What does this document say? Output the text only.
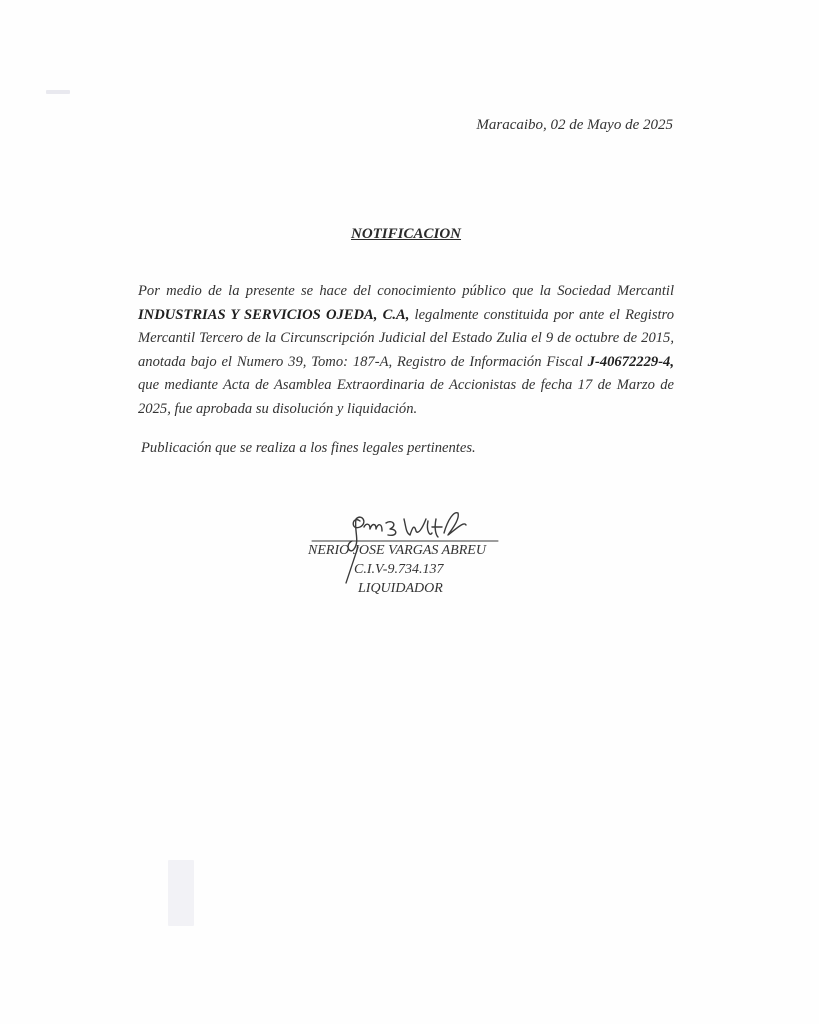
Maracaibo, 02 de Mayo de 2025
NOTIFICACION
Por medio de la presente se hace del conocimiento público que la Sociedad Mercantil INDUSTRIAS Y SERVICIOS OJEDA, C.A, legalmente constituida por ante el Registro Mercantil Tercero de la Circunscripción Judicial del Estado Zulia el 9 de octubre de 2015, anotada bajo el Numero 39, Tomo: 187-A, Registro de Información Fiscal J-40672229-4, que mediante Acta de Asamblea Extraordinaria de Accionistas de fecha 17 de Marzo de 2025, fue aprobada su disolución y liquidación.
Publicación que se realiza a los fines legales pertinentes.
NERIO JOSE VARGAS ABREU
C.I.V-9.734.137
LIQUIDADOR
